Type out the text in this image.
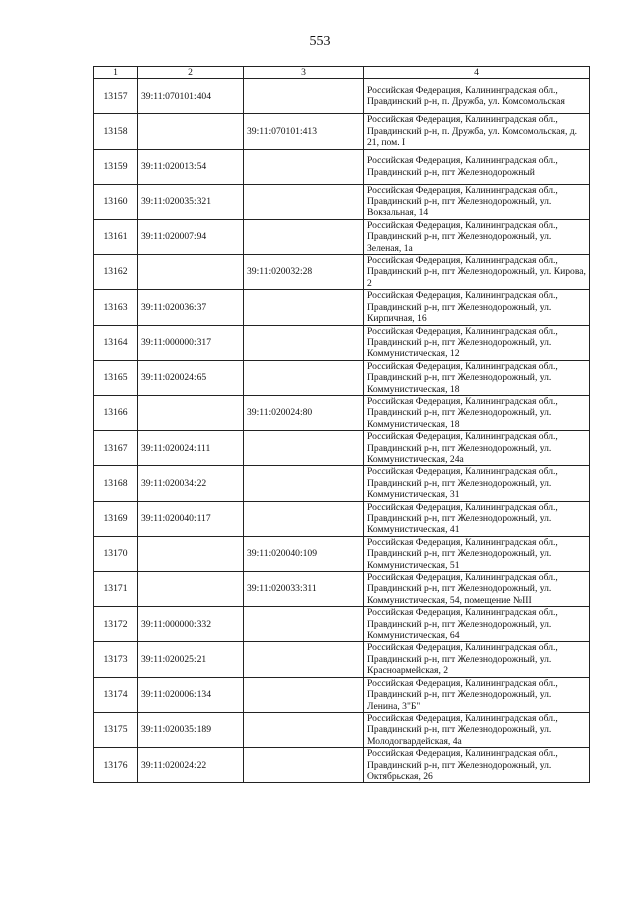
553
1	2	3	4
13157	39:11:070101:404		Российская Федерация, Калининградская обл., Правдинский р-н, п. Дружба, ул. Комсомольская
13158		39:11:070101:413	Российская Федерация, Калининградская обл., Правдинский р-н, п. Дружба, ул. Комсомольская, д. 21, пом. I
13159	39:11:020013:54		Российская Федерация, Калининградская обл., Правдинский р-н, пгт Железнодорожный
13160	39:11:020035:321		Российская Федерация, Калининградская обл., Правдинский р-н, пгт Железнодорожный, ул. Вокзальная, 14
13161	39:11:020007:94		Российская Федерация, Калининградская обл., Правдинский р-н, пгт Железнодорожный, ул. Зеленая, 1а
13162		39:11:020032:28	Российская Федерация, Калининградская обл., Правдинский р-н, пгт Железнодорожный, ул. Кирова, 2
13163	39:11:020036:37		Российская Федерация, Калининградская обл., Правдинский р-н, пгт Железнодорожный, ул. Кирпичная, 16
13164	39:11:000000:317		Российская Федерация, Калининградская обл., Правдинский р-н, пгт Железнодорожный, ул. Коммунистическая, 12
13165	39:11:020024:65		Российская Федерация, Калининградская обл., Правдинский р-н, пгт Железнодорожный, ул. Коммунистическая, 18
13166		39:11:020024:80	Российская Федерация, Калининградская обл., Правдинский р-н, пгт Железнодорожный, ул. Коммунистическая, 18
13167	39:11:020024:111		Российская Федерация, Калининградская обл., Правдинский р-н, пгт Железнодорожный, ул. Коммунистическая, 24а
13168	39:11:020034:22		Российская Федерация, Калининградская обл., Правдинский р-н, пгт Железнодорожный, ул. Коммунистическая, 31
13169	39:11:020040:117		Российская Федерация, Калининградская обл., Правдинский р-н, пгт Железнодорожный, ул. Коммунистическая, 41
13170		39:11:020040:109	Российская Федерация, Калининградская обл., Правдинский р-н, пгт Железнодорожный, ул. Коммунистическая, 51
13171		39:11:020033:311	Российская Федерация, Калининградская обл., Правдинский р-н, пгт Железнодорожный, ул. Коммунистическая, 54, помещение №III
13172	39:11:000000:332		Российская Федерация, Калининградская обл., Правдинский р-н, пгт Железнодорожный, ул. Коммунистическая, 64
13173	39:11:020025:21		Российская Федерация, Калининградская обл., Правдинский р-н, пгт Железнодорожный, ул. Красноармейская, 2
13174	39:11:020006:134		Российская Федерация, Калининградская обл., Правдинский р-н, пгт Железнодорожный, ул. Ленина, 3"Б"
13175	39:11:020035:189		Российская Федерация, Калининградская обл., Правдинский р-н, пгт Железнодорожный, ул. Молодогвардейская, 4а
13176	39:11:020024:22		Российская Федерация, Калининградская обл., Правдинский р-н, пгт Железнодорожный, ул. Октябрьская, 26
